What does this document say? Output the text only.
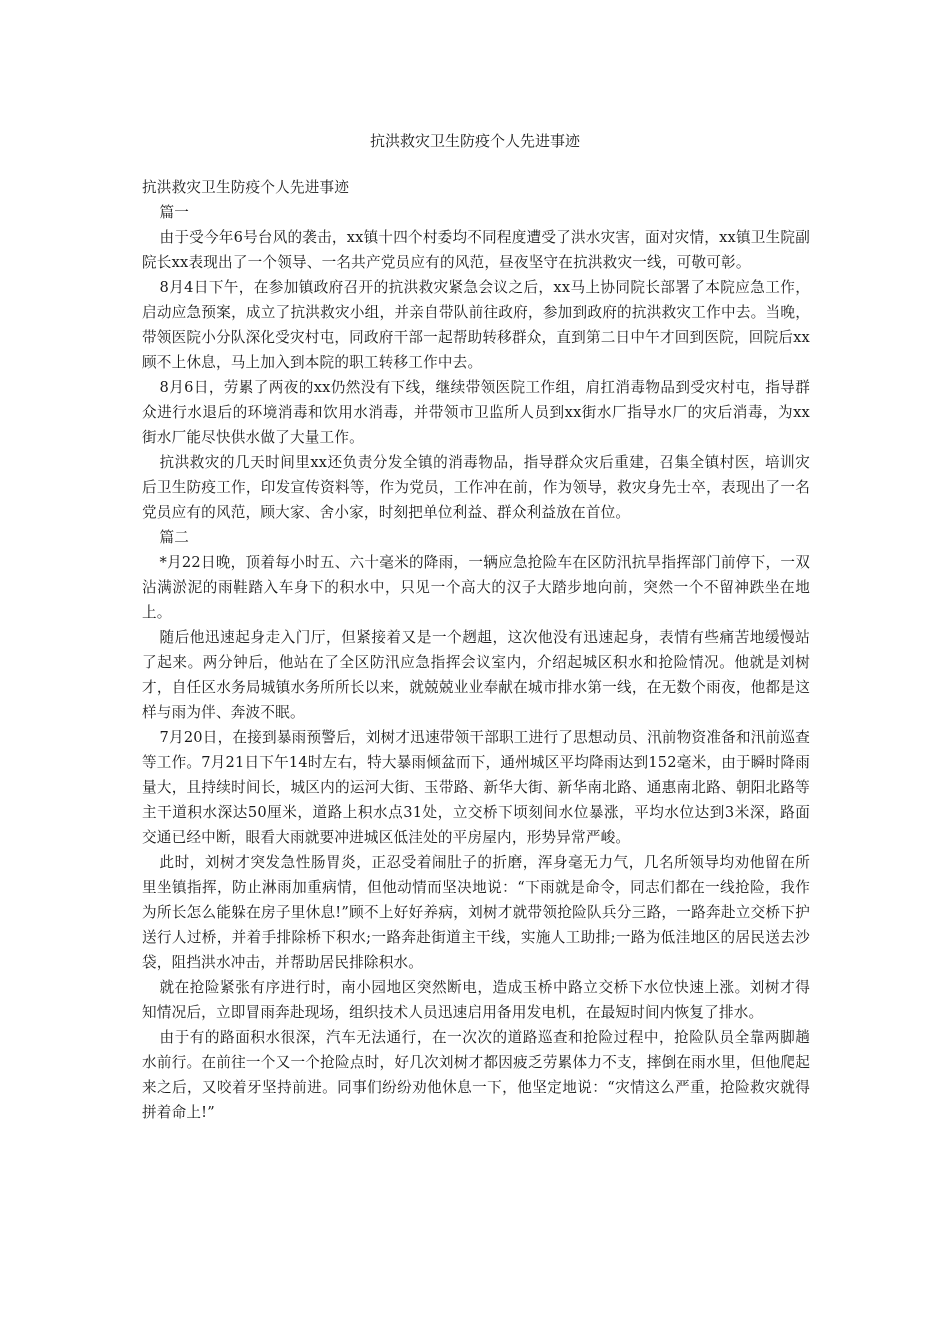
抗洪救灾卫生防疫个人先进事迹

抗洪救灾卫生防疫个人先进事迹

篇一

由于受今年6号台风的袭击，xx镇十四个村委均不同程度遭受了洪水灾害，面对灾情，xx镇卫生院副院长xx表现出了一个领导、一名共产党员应有的风范，昼夜坚守在抗洪救灾一线，可敬可彰。

8月4日下午，在参加镇政府召开的抗洪救灾紧急会议之后，xx马上协同院长部署了本院应急工作，启动应急预案，成立了抗洪救灾小组，并亲自带队前往政府，参加到政府的抗洪救灾工作中去。当晚，带领医院小分队深化受灾村屯，同政府干部一起帮助转移群众，直到第二日中午才回到医院，回院后xx顾不上休息，马上加入到本院的职工转移工作中去。

8月6日，劳累了两夜的xx仍然没有下线，继续带领医院工作组，肩扛消毒物品到受灾村屯，指导群众进行水退后的环境消毒和饮用水消毒，并带领市卫监所人员到xx街水厂指导水厂的灾后消毒，为xx街水厂能尽快供水做了大量工作。

抗洪救灾的几天时间里xx还负责分发全镇的消毒物品，指导群众灾后重建，召集全镇村医，培训灾后卫生防疫工作，印发宣传资料等，作为党员，工作冲在前，作为领导，救灾身先士卒，表现出了一名党员应有的风范，顾大家、舍小家，时刻把单位利益、群众利益放在首位。

篇二

*月22日晚，顶着每小时五、六十毫米的降雨，一辆应急抢险车在区防汛抗旱指挥部门前停下，一双沾满淤泥的雨鞋踏入车身下的积水中，只见一个高大的汉子大踏步地向前，突然一个不留神跌坐在地上。

随后他迅速起身走入门厅，但紧接着又是一个趔趄，这次他没有迅速起身，表情有些痛苦地缓慢站了起来。两分钟后，他站在了全区防汛应急指挥会议室内，介绍起城区积水和抢险情况。他就是刘树才，自任区水务局城镇水务所所长以来，就兢兢业业奉献在城市排水第一线，在无数个雨夜，他都是这样与雨为伴、奔波不眠。

7月20日，在接到暴雨预警后，刘树才迅速带领干部职工进行了思想动员、汛前物资准备和汛前巡查等工作。7月21日下午14时左右，特大暴雨倾盆而下，通州城区平均降雨达到152毫米，由于瞬时降雨量大，且持续时间长，城区内的运河大街、玉带路、新华大街、新华南北路、通惠南北路、朝阳北路等主干道积水深达50厘米，道路上积水点31处，立交桥下顷刻间水位暴涨，平均水位达到3米深，路面交通已经中断，眼看大雨就要冲进城区低洼处的平房屋内，形势异常严峻。

此时，刘树才突发急性肠胃炎，正忍受着闹肚子的折磨，浑身毫无力气，几名所领导均劝他留在所里坐镇指挥，防止淋雨加重病情，但他动情而坚决地说：“下雨就是命令，同志们都在一线抢险，我作为所长怎么能躲在房子里休息!”顾不上好好养病，刘树才就带领抢险队兵分三路，一路奔赴立交桥下护送行人过桥，并着手排除桥下积水;一路奔赴街道主干线，实施人工助排;一路为低洼地区的居民送去沙袋，阻挡洪水冲击，并帮助居民排除积水。

就在抢险紧张有序进行时，南小园地区突然断电，造成玉桥中路立交桥下水位快速上涨。刘树才得知情况后，立即冒雨奔赴现场，组织技术人员迅速启用备用发电机，在最短时间内恢复了排水。

由于有的路面积水很深，汽车无法通行，在一次次的道路巡查和抢险过程中，抢险队员全靠两脚趟水前行。在前往一个又一个抢险点时，好几次刘树才都因疲乏劳累体力不支，摔倒在雨水里，但他爬起来之后，又咬着牙坚持前进。同事们纷纷劝他休息一下，他坚定地说：“灾情这么严重，抢险救灾就得拼着命上!”
